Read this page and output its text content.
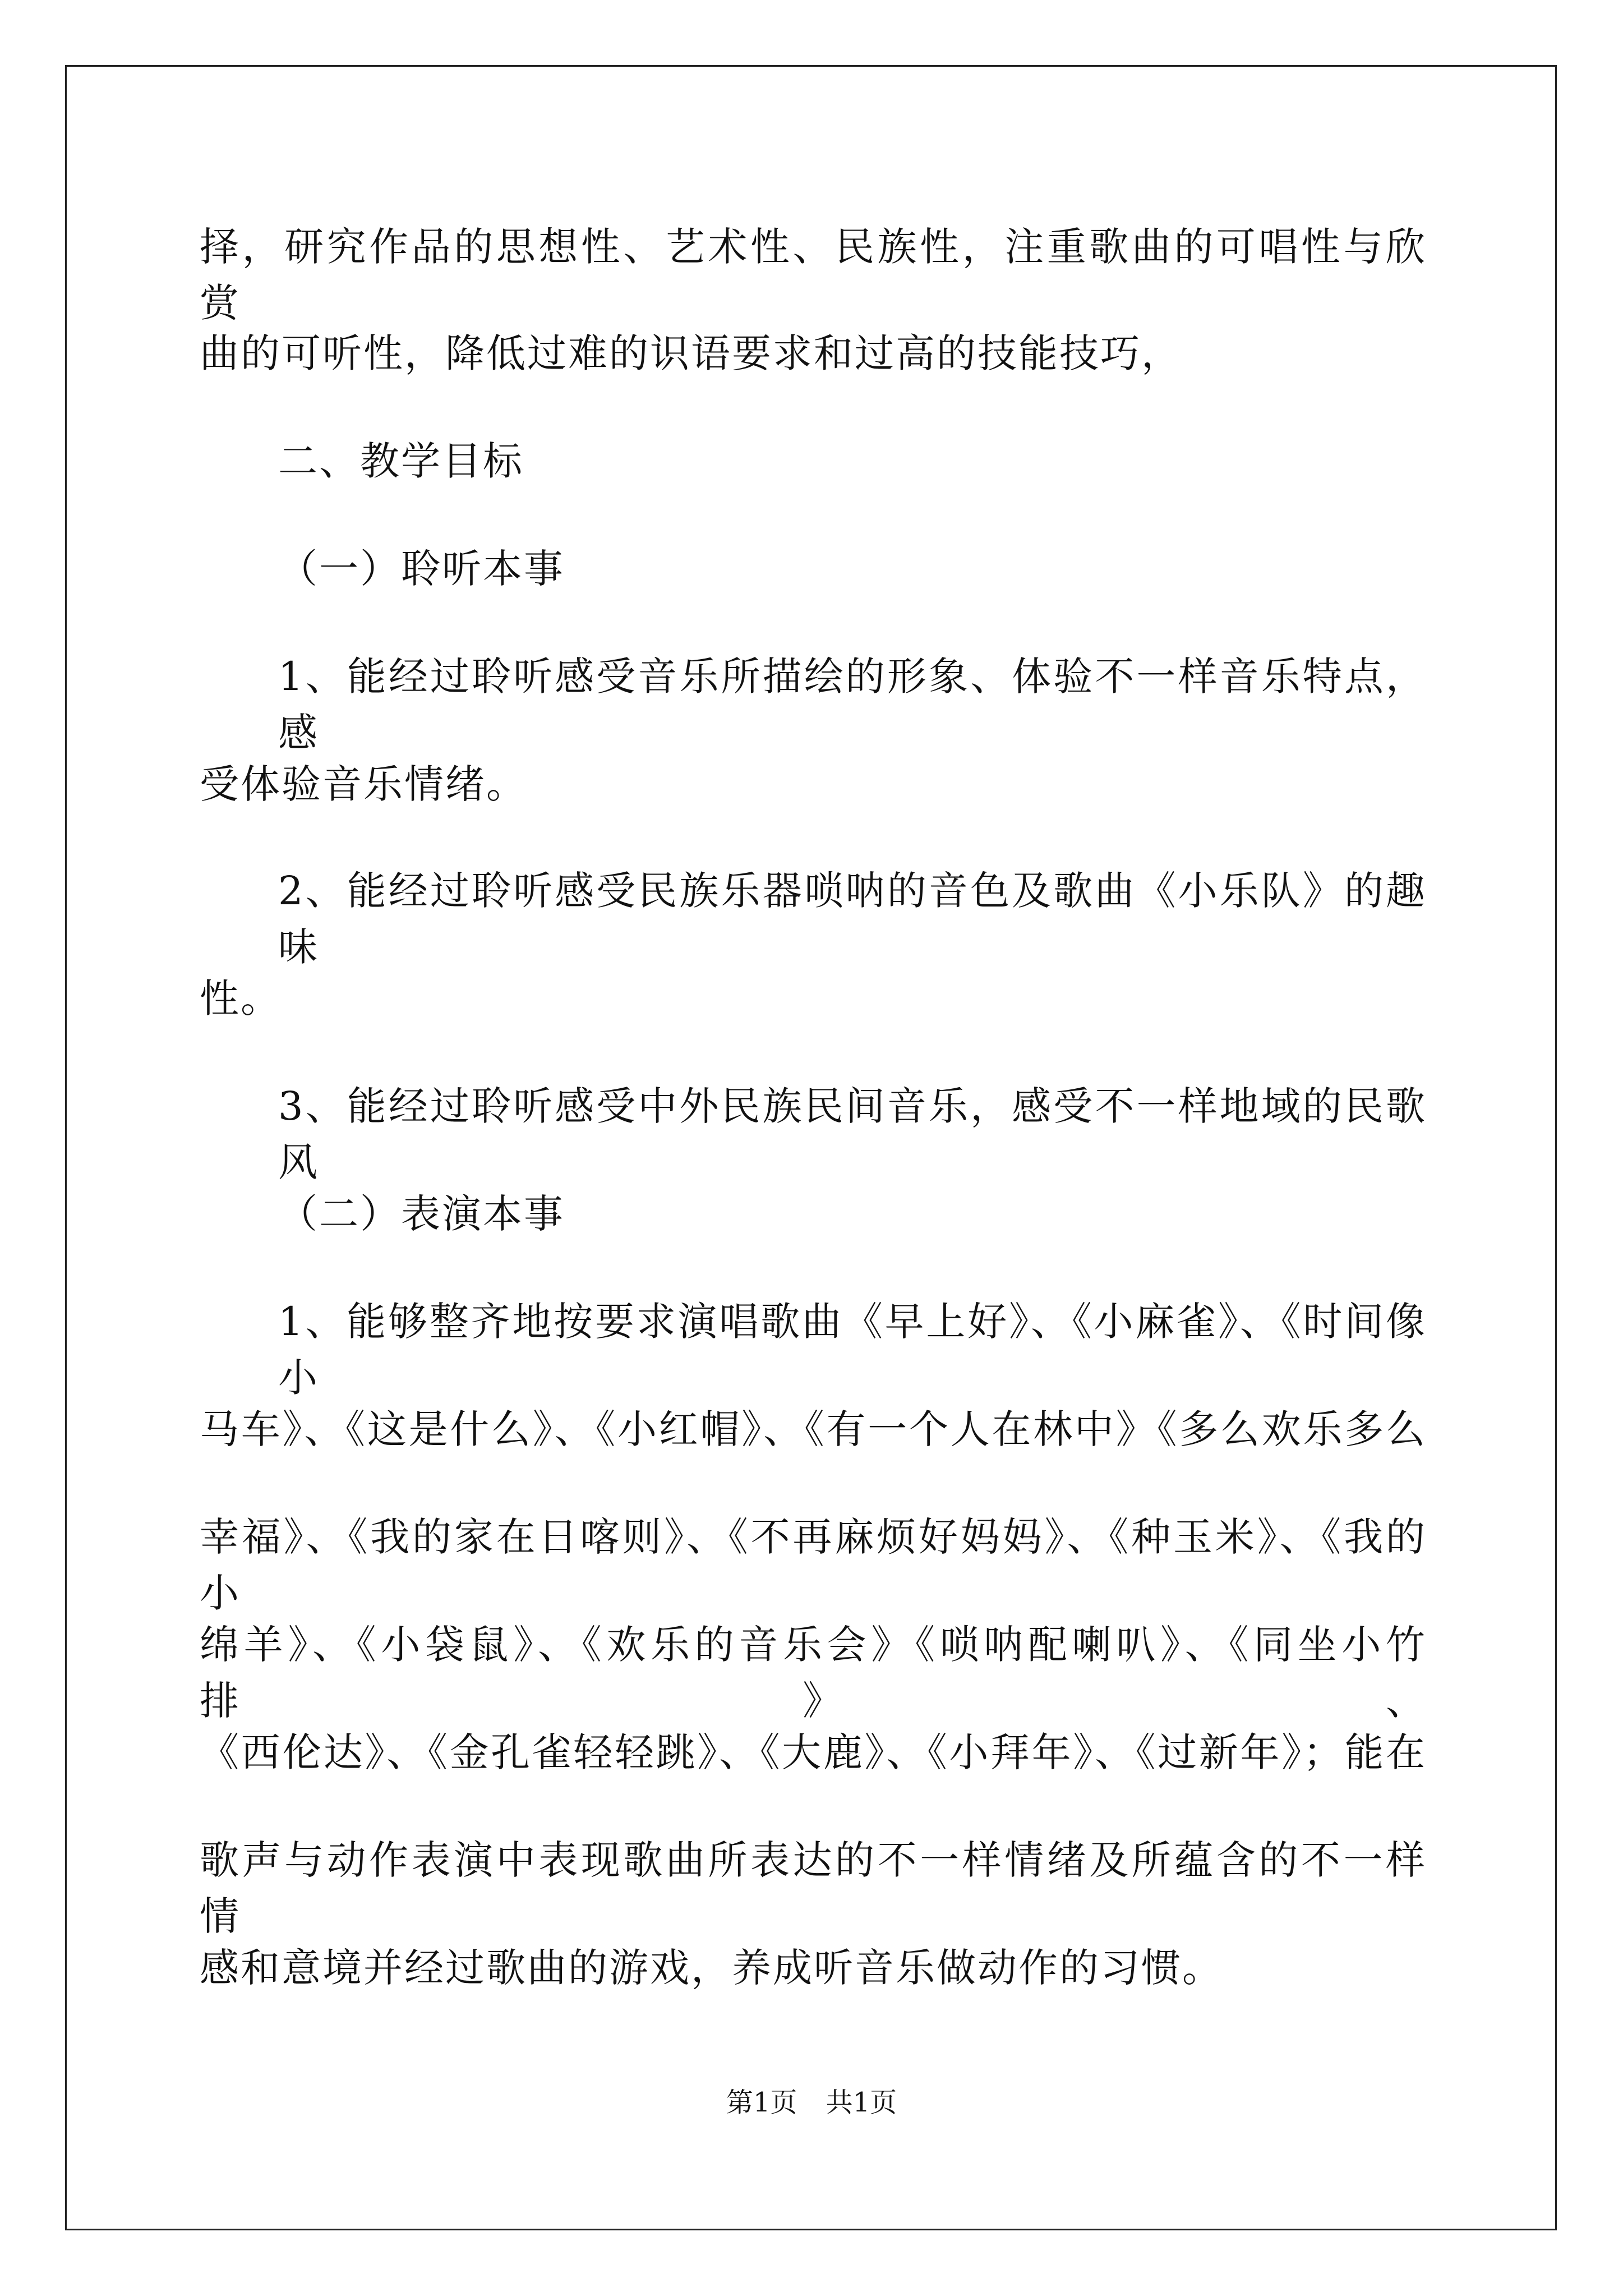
择，研究作品的思想性、艺术性、民族性，注重歌曲的可唱性与欣赏
曲的可听性，降低过难的识语要求和过高的技能技巧，
二、教学目标
（一）聆听本事
1、能经过聆听感受音乐所描绘的形象、体验不一样音乐特点，感
受体验音乐情绪。
2、能经过聆听感受民族乐器唢呐的音色及歌曲《小乐队》的趣味
性。
3、能经过聆听感受中外民族民间音乐，感受不一样地域的民歌风
（二）表演本事
1、能够整齐地按要求演唱歌曲《早上好》、《小麻雀》、《时间像小
马车》、《这是什么》、《小红帽》、《有一个人在林中》《多么欢乐多么
幸福》、《我的家在日喀则》、《不再麻烦好妈妈》、《种玉米》、《我的小
绵羊》、《小袋鼠》、《欢乐的音乐会》《唢呐配喇叭》、《同坐小竹排》、
《西伦达》、《金孔雀轻轻跳》、《大鹿》、《小拜年》、《过新年》；能在
歌声与动作表演中表现歌曲所表达的不一样情绪及所蕴含的不一样情
感和意境并经过歌曲的游戏，养成听音乐做动作的习惯。
第1页 共1页
